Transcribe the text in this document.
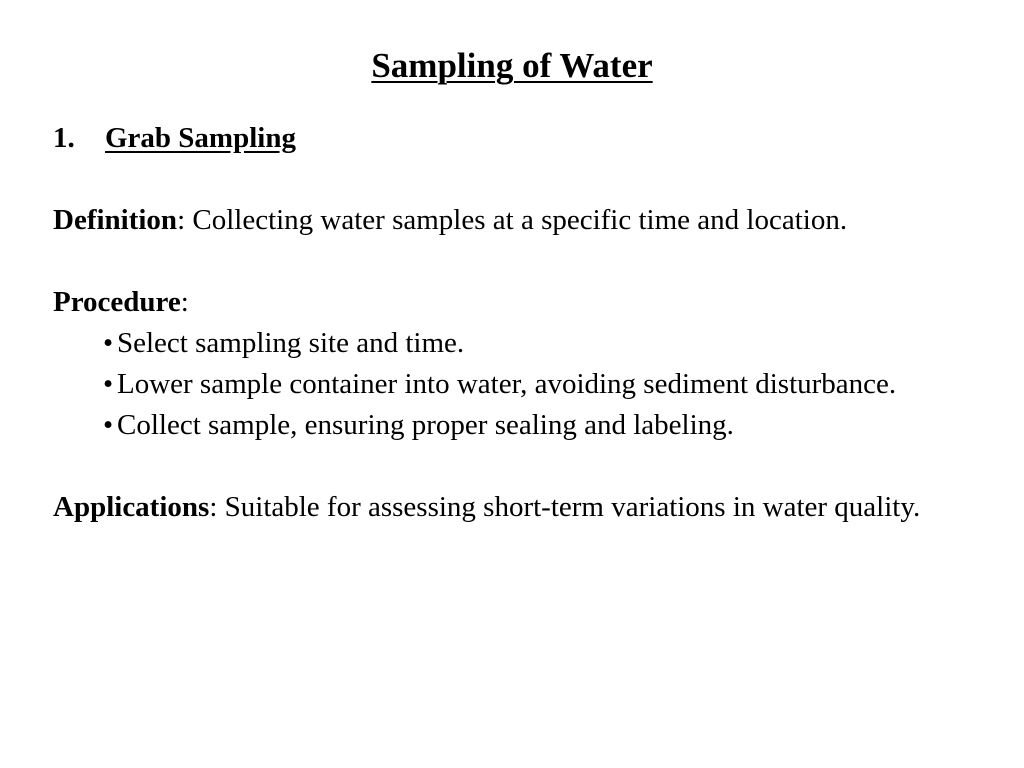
Sampling of Water
1. Grab Sampling
Definition: Collecting water samples at a specific time and location.
Procedure:
• Select sampling site and time.
• Lower sample container into water, avoiding sediment disturbance.
• Collect sample, ensuring proper sealing and labeling.
Applications: Suitable for assessing short-term variations in water quality.
